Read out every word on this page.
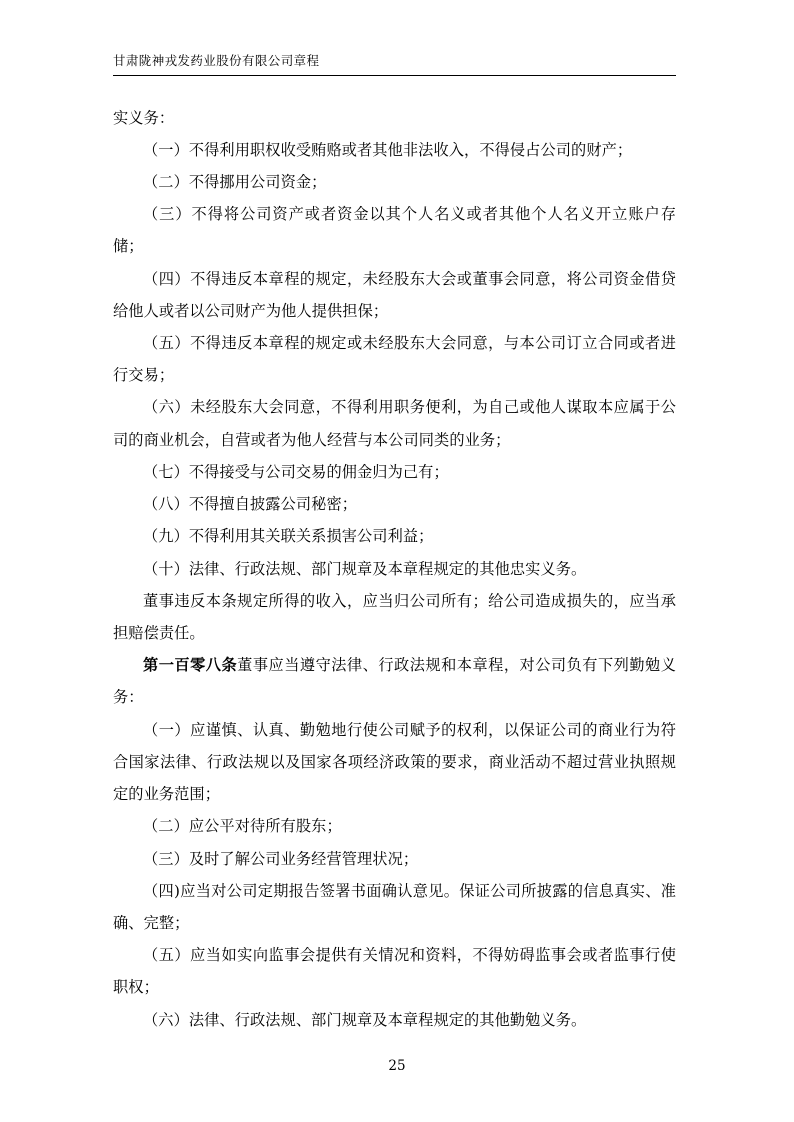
甘肃陇神戎发药业股份有限公司章程

实义务：

（一）不得利用职权收受贿赂或者其他非法收入，不得侵占公司的财产；

（二）不得挪用公司资金；

（三）不得将公司资产或者资金以其个人名义或者其他个人名义开立账户存储；

（四）不得违反本章程的规定，未经股东大会或董事会同意，将公司资金借贷给他人或者以公司财产为他人提供担保；

（五）不得违反本章程的规定或未经股东大会同意，与本公司订立合同或者进行交易；

（六）未经股东大会同意，不得利用职务便利，为自己或他人谋取本应属于公司的商业机会，自营或者为他人经营与本公司同类的业务；

（七）不得接受与公司交易的佣金归为己有；

（八）不得擅自披露公司秘密；

（九）不得利用其关联关系损害公司利益；

（十）法律、行政法规、部门规章及本章程规定的其他忠实义务。

董事违反本条规定所得的收入，应当归公司所有；给公司造成损失的，应当承担赔偿责任。

第一百零八条董事应当遵守法律、行政法规和本章程，对公司负有下列勤勉义务：

（一）应谨慎、认真、勤勉地行使公司赋予的权利，以保证公司的商业行为符合国家法律、行政法规以及国家各项经济政策的要求，商业活动不超过营业执照规定的业务范围；

（二）应公平对待所有股东；

（三）及时了解公司业务经营管理状况；

（四)应当对公司定期报告签署书面确认意见。保证公司所披露的信息真实、准确、完整；

（五）应当如实向监事会提供有关情况和资料，不得妨碍监事会或者监事行使职权；

（六）法律、行政法规、部门规章及本章程规定的其他勤勉义务。

25
